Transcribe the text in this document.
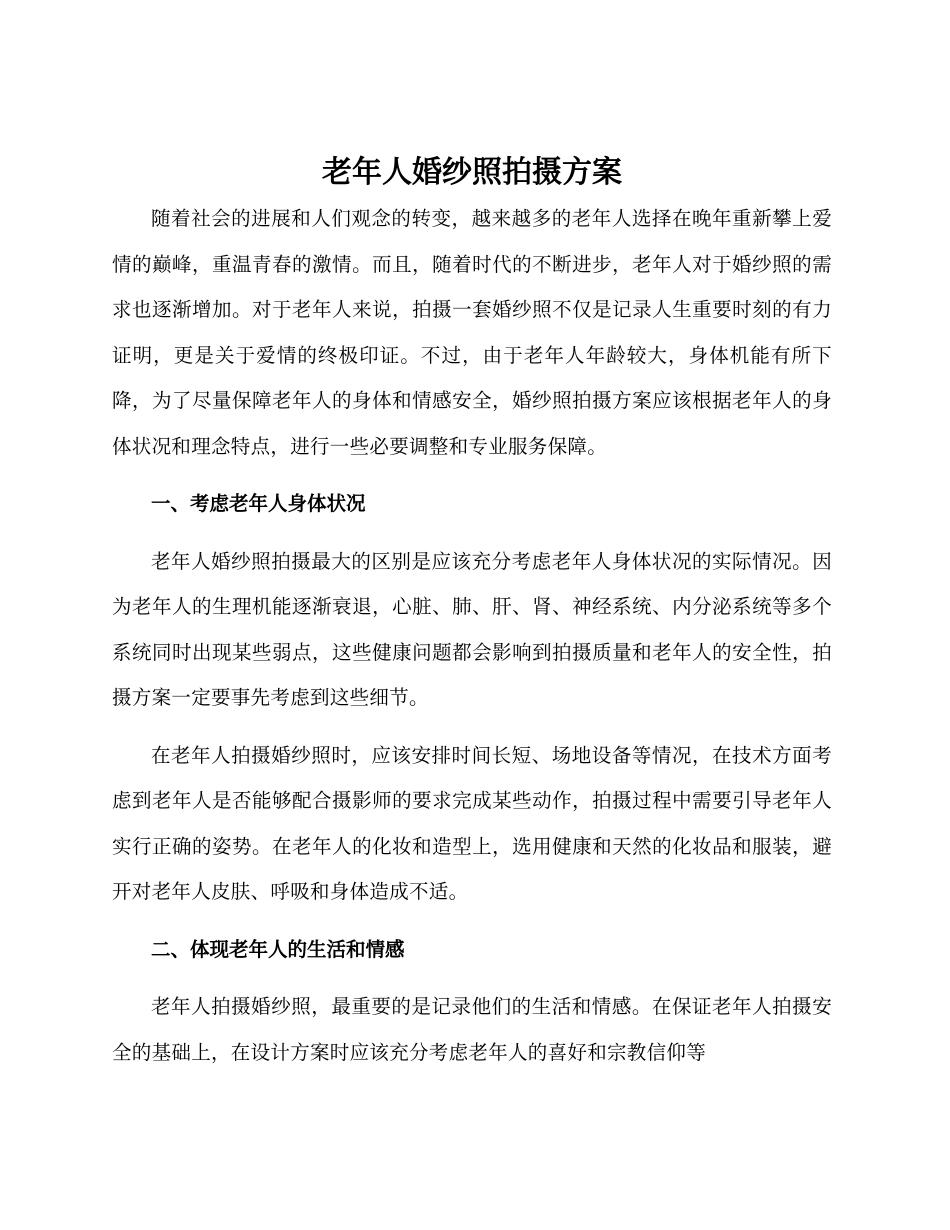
老年人婚纱照拍摄方案

随着社会的进展和人们观念的转变，越来越多的老年人选择在晚年重新攀上爱情的巅峰，重温青春的激情。而且，随着时代的不断进步，老年人对于婚纱照的需求也逐渐增加。对于老年人来说，拍摄一套婚纱照不仅是记录人生重要时刻的有力证明，更是关于爱情的终极印证。不过，由于老年人年龄较大，身体机能有所下降，为了尽量保障老年人的身体和情感安全，婚纱照拍摄方案应该根据老年人的身体状况和理念特点，进行一些必要调整和专业服务保障。

一、考虑老年人身体状况

老年人婚纱照拍摄最大的区别是应该充分考虑老年人身体状况的实际情况。因为老年人的生理机能逐渐衰退，心脏、肺、肝、肾、神经系统、内分泌系统等多个系统同时出现某些弱点，这些健康问题都会影响到拍摄质量和老年人的安全性，拍摄方案一定要事先考虑到这些细节。

在老年人拍摄婚纱照时，应该安排时间长短、场地设备等情况，在技术方面考虑到老年人是否能够配合摄影师的要求完成某些动作，拍摄过程中需要引导老年人实行正确的姿势。在老年人的化妆和造型上，选用健康和天然的化妆品和服装，避开对老年人皮肤、呼吸和身体造成不适。

二、体现老年人的生活和情感

老年人拍摄婚纱照，最重要的是记录他们的生活和情感。在保证老年人拍摄安全的基础上，在设计方案时应该充分考虑老年人的喜好和宗教信仰等
